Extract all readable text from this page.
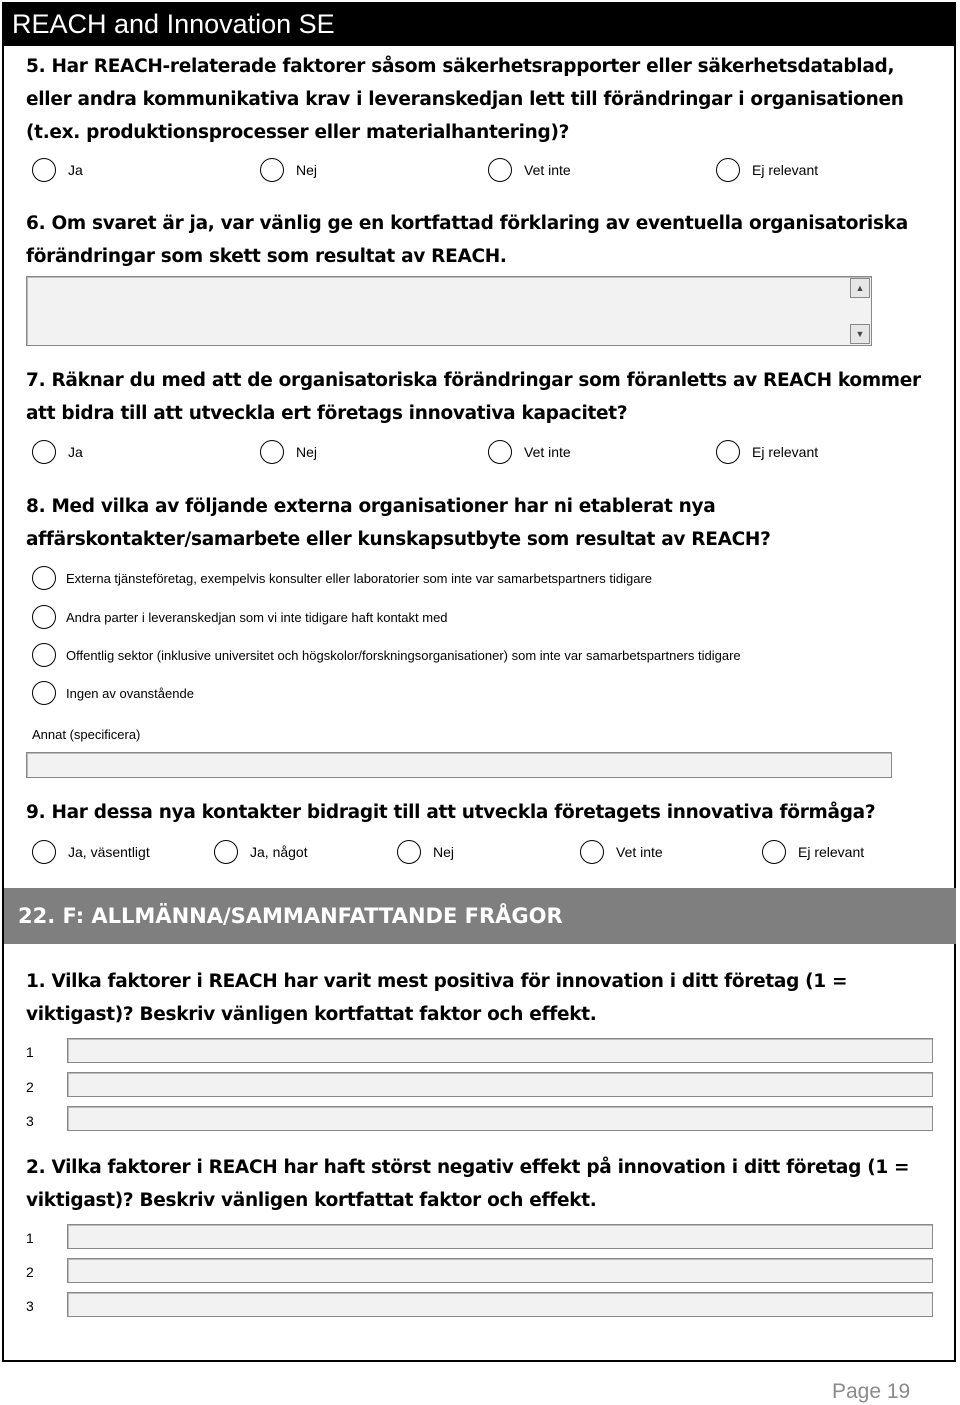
REACH and Innovation SE

5. Har REACH-relaterade faktorer såsom säkerhetsrapporter eller säkerhetsdatablad, eller andra kommunikativa krav i leveranskedjan lett till förändringar i organisationen (t.ex. produktionsprocesser eller materialhantering)?

Ja	Nej	Vet inte	Ej relevant

6. Om svaret är ja, var vänlig ge en kortfattad förklaring av eventuella organisatoriska förändringar som skett som resultat av REACH.

▲
▼

7. Räknar du med att de organisatoriska förändringar som föranletts av REACH kommer att bidra till att utveckla ert företags innovativa kapacitet?

Ja	Nej	Vet inte	Ej relevant

8. Med vilka av följande externa organisationer har ni etablerat nya affärskontakter/samarbete eller kunskapsutbyte som resultat av REACH?

Externa tjänsteföretag, exempelvis konsulter eller laboratorier som inte var samarbetspartners tidigare
Andra parter i leveranskedjan som vi inte tidigare haft kontakt med
Offentlig sektor (inklusive universitet och högskolor/forskningsorganisationer) som inte var samarbetspartners tidigare
Ingen av ovanstående
Annat (specificera)

9. Har dessa nya kontakter bidragit till att utveckla företagets innovativa förmåga?

Ja, väsentligt	Ja, något	Nej	Vet inte	Ej relevant
22. F: ALLMÄNNA/SAMMANFATTANDE FRÅGOR

1. Vilka faktorer i REACH har varit mest positiva för innovation i ditt företag (1 = viktigast)? Beskriv vänligen kortfattat faktor och effekt.

1
2
3

2. Vilka faktorer i REACH har haft störst negativ effekt på innovation i ditt företag (1 = viktigast)? Beskriv vänligen kortfattat faktor och effekt.

1
2
3
Page 19
